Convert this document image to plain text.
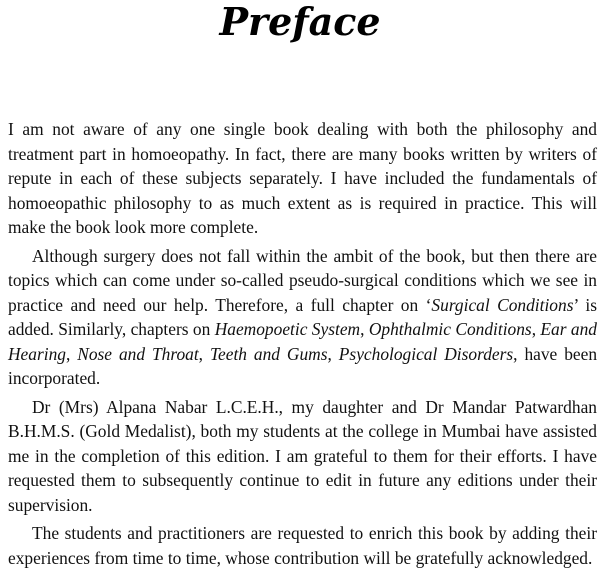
Preface

I am not aware of any one single book dealing with both the philosophy and treatment part in homoeopathy. In fact, there are many books written by writers of repute in each of these subjects separately. I have included the fundamentals of homoeopathic philosophy to as much extent as is required in practice. This will make the book look more complete.

Although surgery does not fall within the ambit of the book, but then there are topics which can come under so-called pseudo-surgical conditions which we see in practice and need our help. Therefore, a full chapter on ‘Surgical Conditions’ is added. Similarly, chapters on Haemopoetic System, Ophthalmic Conditions, Ear and Hearing, Nose and Throat, Teeth and Gums, Psychological Disorders, have been incorporated.

Dr (Mrs) Alpana Nabar L.C.E.H., my daughter and Dr Mandar Patwardhan B.H.M.S. (Gold Medalist), both my students at the college in Mumbai have assisted me in the completion of this edition. I am grateful to them for their efforts. I have requested them to subsequently continue to edit in future any editions under their supervision.

The students and practitioners are requested to enrich this book by adding their experiences from time to time, whose contribution will be gratefully acknowledged.
